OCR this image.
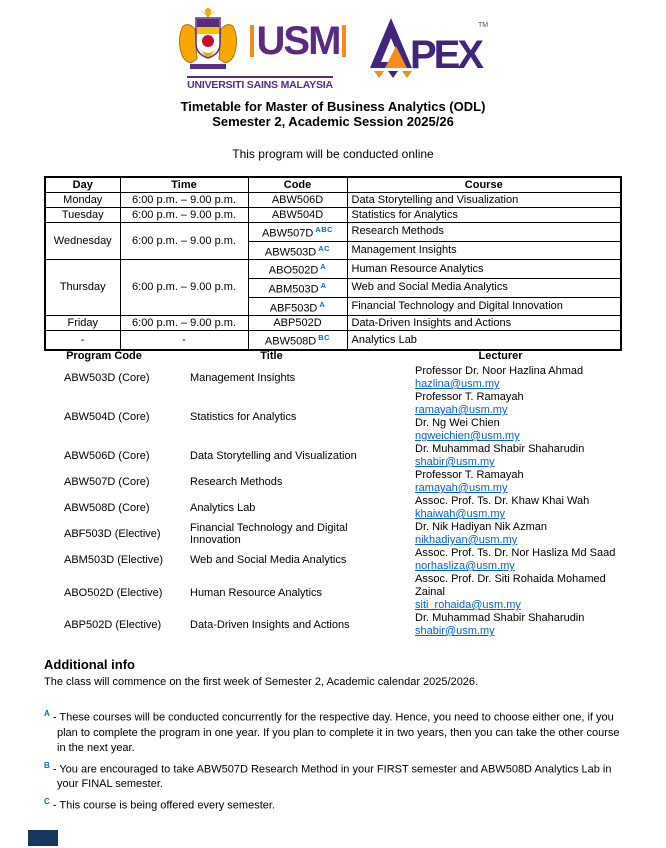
USM
UNIVERSITI SAINS MALAYSIA
PEX
TM
Timetable for Master of Business Analytics (ODL)
Semester 2, Academic Session 2025/26
This program will be conducted online
Day	Time	Code	Course
Monday	6:00 p.m. – 9.00 p.m.	ABW506D	Data Storytelling and Visualization
Tuesday	6:00 p.m. – 9.00 p.m.	ABW504D	Statistics for Analytics
Wednesday	6:00 p.m. – 9.00 p.m.	ABW507D $^{ABC}$	Research Methods
		ABW503D $^{AC}$	Management Insights
Thursday	6:00 p.m. – 9.00 p.m.	ABO502D $^A$	Human Resource Analytics
		ABM503D $^A$	Web and Social Media Analytics
		ABF503D $^A$	Financial Technology and Digital Innovation
Friday	6:00 p.m. – 9.00 p.m.	ABP502D	Data-Driven Insights and Actions
-	-	ABW508D $^{BC}$	Analytics Lab
Program Code	Title	Lecturer
ABW503D (Core)	Management Insights
Professor Dr. Noor Hazlina Ahmad
hazlina@usm.my
ABW504D (Core)	Statistics for Analytics
Professor T. Ramayah
ramayah@usm.my
Dr. Ng Wei Chien
ngweichien@usm.my
ABW506D (Core)	Data Storytelling and Visualization
Dr. Muhammad Shabir Shaharudin
shabir@usm.my
ABW507D (Core)	Research Methods
Professor T. Ramayah
ramayah@usm.my
ABW508D (Core)	Analytics Lab
Assoc. Prof. Ts. Dr. Khaw Khai Wah
khaiwah@usm.my
ABF503D (Elective)	Financial Technology and Digital Innovation
Dr. Nik Hadiyan Nik Azman
nikhadiyan@usm.my
ABM503D (Elective)	Web and Social Media Analytics
Assoc. Prof. Ts. Dr. Nor Hasliza Md Saad
norhasliza@usm.my
ABO502D (Elective)	Human Resource Analytics
Assoc. Prof. Dr. Siti Rohaida Mohamed Zainal
siti_rohaida@usm.my
ABP502D (Elective)	Data-Driven Insights and Actions
Dr. Muhammad Shabir Shaharudin
shabir@usm.my

Additional info

The class will commence on the first week of Semester 2, Academic calendar 2025/2026.

$^A$ - These courses will be conducted concurrently for the respective day. Hence, you need to choose either one, if you plan to complete the program in one year. If you plan to complete it in two years, then you can take the other course in the next year.
$^B$ - You are encouraged to take ABW507D Research Method in your FIRST semester and ABW508D Analytics Lab in your FINAL semester.
$^C$ - This course is being offered every semester.
